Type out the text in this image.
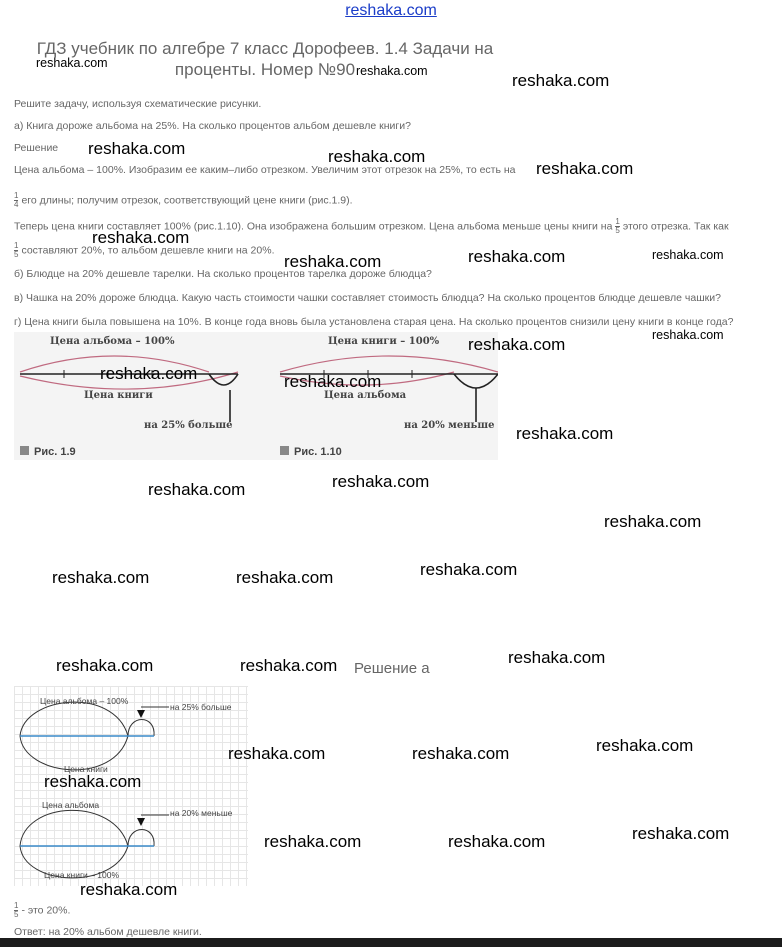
reshaka.com
ГДЗ учебник по алгебре 7 класс Дорофеев. 1.4 Задачи на проценты. Номер №90
Решите задачу, используя схематические рисунки.
а) Книга дороже альбома на 25%. На сколько процентов альбом дешевле книги?
Решение
Цена альбома – 100%. Изобразим ее каким–либо отрезком. Увеличим этот отрезок на 25%, то есть на
$\frac{1}{4}$ его длины; получим отрезок, соответствующий цене книги (рис.1.9).
Теперь цена книги составляет 100% (рис.1.10). Она изображена большим отрезком. Цена альбома меньше цены книги на $\frac{1}{5}$ этого отрезка. Так как
$\frac{1}{5}$ составляют 20%, то альбом дешевле книги на 20%.
б) Блюдце на 20% дешевле тарелки. На сколько процентов тарелка дороже блюдца?
в) Чашка на 20% дороже блюдца. Какую часть стоимости чашки составляет стоимость блюдца? На сколько процентов блюдце дешевле чашки?
г) Цена книги была повышена на 10%. В конце года вновь была установлена старая цена. На сколько процентов снизили цену книги в конце года?
Цена альбома – 100%
Цена книги
на 25% больше
Рис. 1.9
Цена книги – 100%
Цена альбома
на 20% меньше
Рис. 1.10
Решение а
Цена альбома – 100%
на 25% больше
Цена книги
Цена альбома
на 20% меньше
Цена книги – 100%
$\frac{1}{5}$ - это 20%.
Ответ: на 20% альбом дешевле книги.
reshaka.com
reshaka.com
reshaka.com
reshaka.com
reshaka.com
reshaka.com	reshaka.com
reshaka.com
reshaka.com
reshaka.com	reshaka.com
reshaka.com
reshaka.com	reshaka.com
reshaka.com
reshaka.com	reshaka.com
reshaka.com
reshaka.com	reshaka.com	reshaka.com
reshaka.com	reshaka.com	reshaka.com
reshaka.com	reshaka.com	reshaka.com
reshaka.com
reshaka.com	reshaka.com	reshaka.com
reshaka.com
